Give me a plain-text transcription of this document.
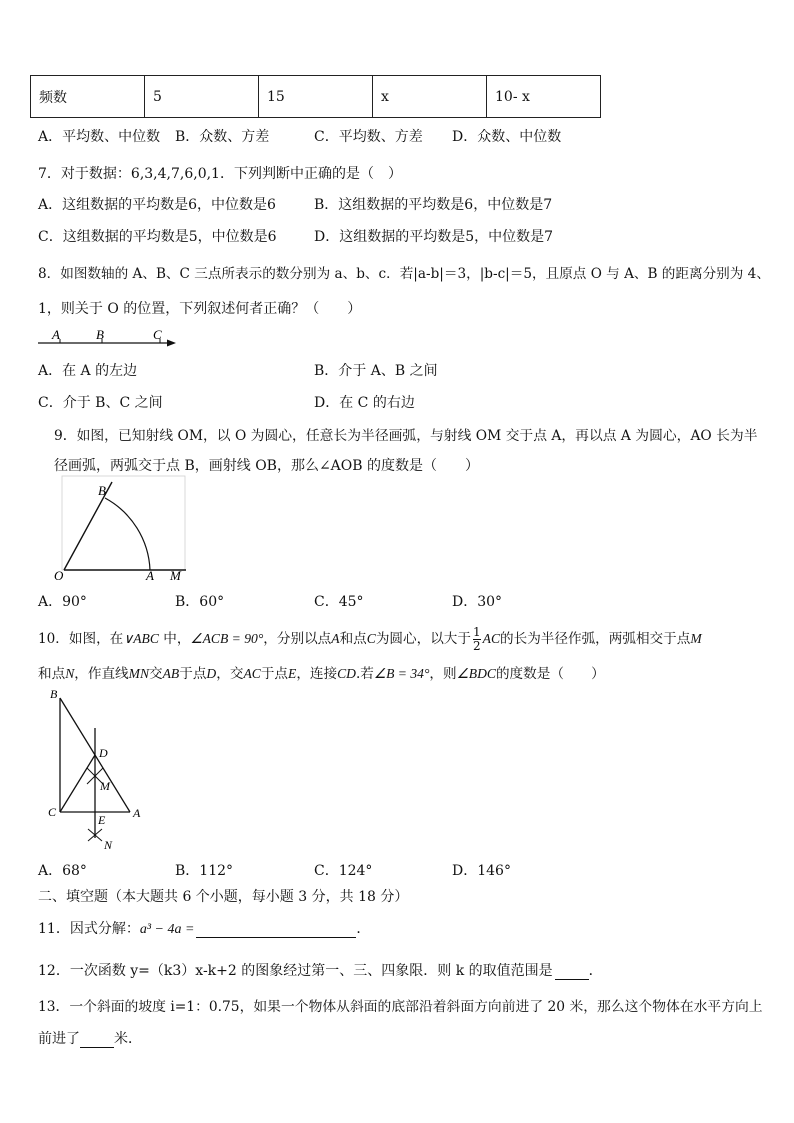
频数	5	15	x	10- x
A．平均数、中位数 B．众数、方差	C．平均数、方差 D．众数、中位数
7．对于数据：6,3,4,7,6,0,1．下列判断中正确的是（　）
A．这组数据的平均数是6，中位数是6	B．这组数据的平均数是6，中位数是7
C．这组数据的平均数是5，中位数是6	D．这组数据的平均数是5，中位数是7
8．如图数轴的 A、B、C 三点所表示的数分别为 a、b、c．若|a-b|＝3，|b-c|＝5，且原点 O 与 A、B 的距离分别为 4、
1，则关于 O 的位置，下列叙述何者正确？（　　）
A	B	C
A．在 A 的左边	B．介于 A、B 之间
C．介于 B、C 之间	D．在 C 的右边
9．如图，已知射线 OM，以 O 为圆心，任意长为半径画弧，与射线 OM 交于点 A，再以点 A 为圆心，AO 长为半
径画弧，两弧交于点 B，画射线 OB，那么∠AOB 的度数是（　　）
B
O	A M
A．90°	B．60°	C．45°	D．30°
10．如图，在∨ABC 中，∠ACB = 90°，分别以点A和点C为圆心，以大于 $\frac{1}{2}$ AC的长为半径作弧，两弧相交于点M
和点N，作直线MN交AB于点D，交AC于点E，连接CD.若∠B = 34°，则∠BDC的度数是（　　）
B
D
M
C	A
E
N
A．68°	B．112°	C．124°	D．146°
二、填空题（本大题共 6 个小题，每小题 3 分，共 18 分）
11．因式分解：a³ − 4a =	．
12．一次函数 y=（k3）x-k+2 的图象经过第一、三、四象限．则 k 的取值范围是	．
13．一个斜面的坡度 i=1：0.75，如果一个物体从斜面的底部沿着斜面方向前进了 20 米，那么这个物体在水平方向上
前进了 米．
